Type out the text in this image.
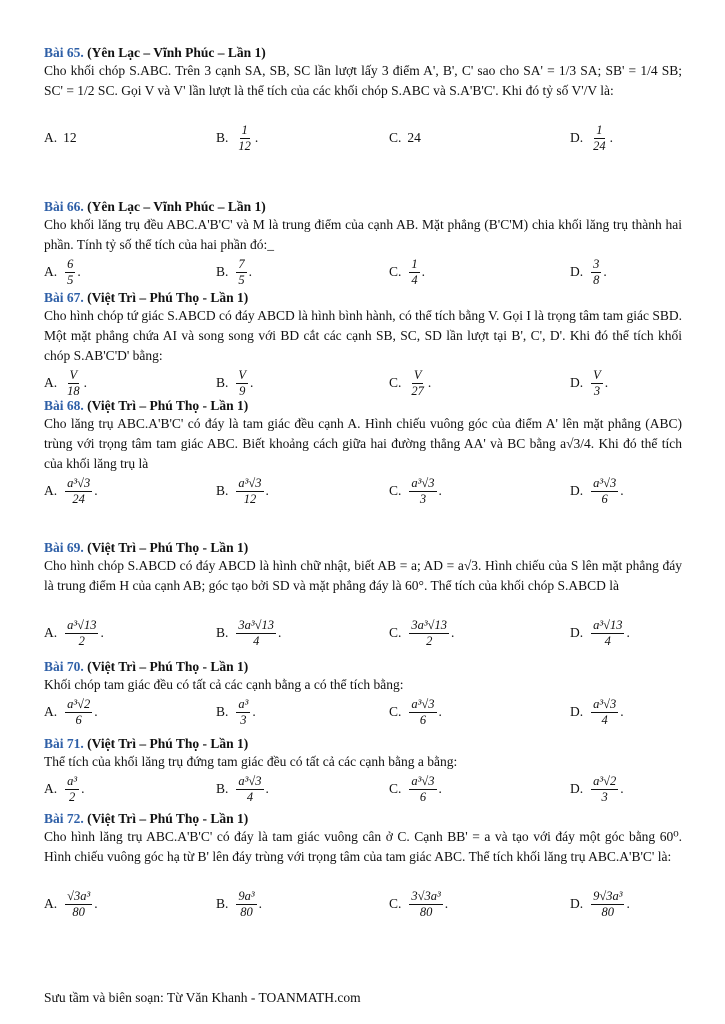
Bài 65. (Yên Lạc – Vĩnh Phúc – Lần 1)
Cho khối chóp S.ABC. Trên 3 cạnh SA, SB, SC lần lượt lấy 3 điểm A', B', C' sao cho SA' = 1/3 SA; SB' = 1/4 SB; SC' = 1/2 SC. Gọi V và V' lần lượt là thể tích của các khối chóp S.ABC và S.A'B'C'. Khi đó tỷ số V'/V là:
A. 12	B. $\frac{1}{12}$ .	C. 24	D. $\frac{1}{24}$ .
Bài 66. (Yên Lạc – Vĩnh Phúc – Lần 1)
Cho khối lăng trụ đều ABC.A'B'C' và M là trung điểm của cạnh AB. Mặt phẳng (B'C'M) chia khối lăng trụ thành hai phần. Tính tỷ số thể tích của hai phần đó:_
A. $\frac{6}{5}$ .	B. $\frac{7}{5}$ .	C. $\frac{1}{4}$ .	D. $\frac{3}{8}$ .
Bài 67. (Việt Trì – Phú Thọ - Lần 1)
Cho hình chóp tứ giác S.ABCD có đáy ABCD là hình bình hành, có thể tích bằng V. Gọi I là trọng tâm tam giác SBD. Một mặt phẳng chứa AI và song song với BD cắt các cạnh SB, SC, SD lần lượt tại B', C', D'. Khi đó thể tích khối chóp S.AB'C'D' bằng:
A. $\frac{V}{18}$ .	B. $\frac{V}{9}$ .	C. $\frac{V}{27}$ .	D. $\frac{V}{3}$ .
Bài 68. (Việt Trì – Phú Thọ - Lần 1)
Cho lăng trụ ABC.A'B'C' có đáy là tam giác đều cạnh A. Hình chiếu vuông góc của điểm A' lên mặt phẳng (ABC) trùng với trọng tâm tam giác ABC. Biết khoảng cách giữa hai đường thẳng AA' và BC bằng a√3/4. Khi đó thể tích của khối lăng trụ là
A. $\frac{\text{a³√3}}{24}$ .	B. $\frac{\text{a³√3}}{12}$ .	C. $\frac{\text{a³√3}}{3}$ .	D. $\frac{\text{a³√3}}{6}$ .
Bài 69. (Việt Trì – Phú Thọ - Lần 1)
Cho hình chóp S.ABCD có đáy ABCD là hình chữ nhật, biết AB = a; AD = a√3. Hình chiếu của S lên mặt phẳng đáy là trung điểm H của cạnh AB; góc tạo bởi SD và mặt phẳng đáy là 60°. Thể tích của khối chóp S.ABCD là
A. $\frac{\text{a³√13}}{2}$ .	B. $\frac{\text{3a³√13}}{4}$ .	C. $\frac{\text{3a³√13}}{2}$ .	D. $\frac{\text{a³√13}}{4}$ .
Bài 70. (Việt Trì – Phú Thọ - Lần 1)
Khối chóp tam giác đều có tất cả các cạnh bằng a có thể tích bằng:
A. $\frac{\text{a³√2}}{6}$ .	B. $\frac{\text{a³}}{3}$ .	C. $\frac{\text{a³√3}}{6}$ .	D. $\frac{\text{a³√3}}{4}$ .
Bài 71. (Việt Trì – Phú Thọ - Lần 1)
Thể tích của khối lăng trụ đứng tam giác đều có tất cả các cạnh bằng a bằng:
A. $\frac{\text{a³}}{2}$ .	B. $\frac{\text{a³√3}}{4}$ .	C. $\frac{\text{a³√3}}{6}$ .	D. $\frac{\text{a³√2}}{3}$ .
Bài 72. (Việt Trì – Phú Thọ - Lần 1)
Cho hình lăng trụ ABC.A'B'C' có đáy là tam giác vuông cân ở C. Cạnh BB' = a và tạo với đáy một góc bằng 60⁰. Hình chiếu vuông góc hạ từ B' lên đáy trùng với trọng tâm của tam giác ABC. Thể tích khối lăng trụ ABC.A'B'C' là:
A. $\frac{\text{√3a³}}{80}$ .	B. $\frac{\text{9a³}}{80}$ .	C. $\frac{\text{3√3a³}}{80}$ .	D. $\frac{\text{9√3a³}}{80}$ .
Sưu tầm và biên soạn: Từ Văn Khanh - TOANMATH.com
